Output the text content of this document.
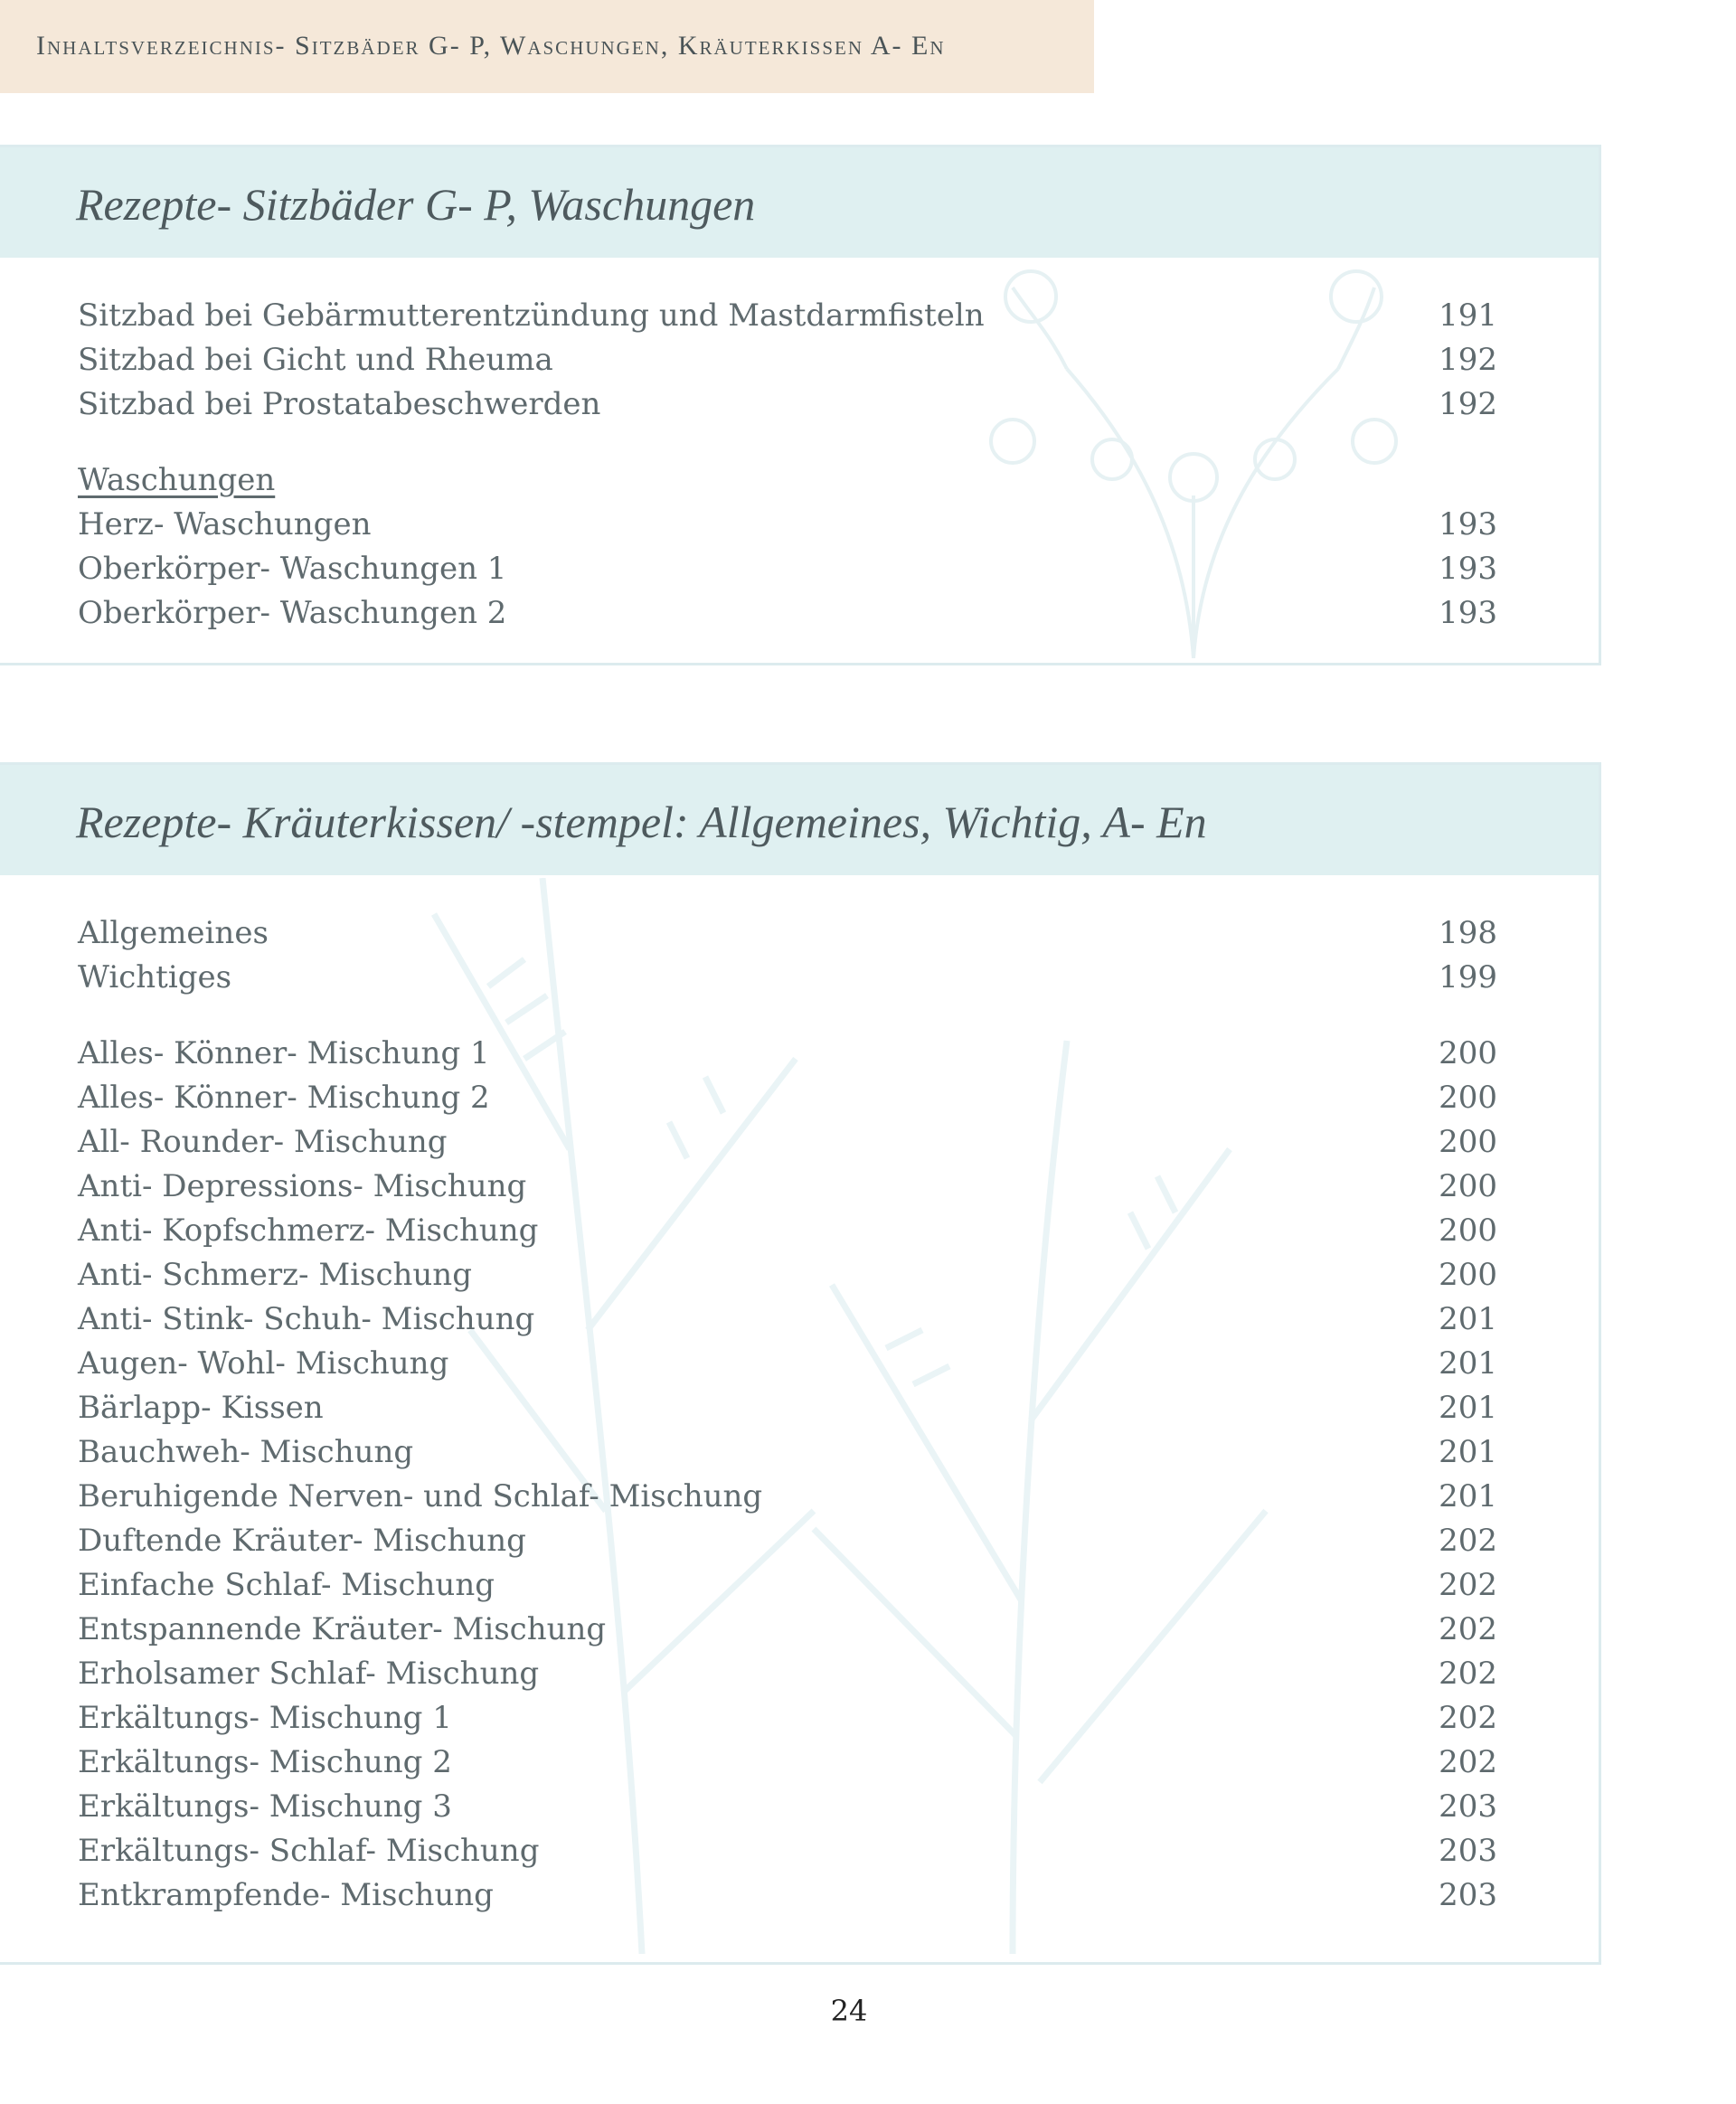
Inhaltsverzeichnis- Sitzbäder G- P, Waschungen, Kräuterkissen A- En
Rezepte- Sitzbäder G- P, Waschungen
Sitzbad bei Gebärmutterentzündung und Mastdarmfisteln	191
Sitzbad bei Gicht und Rheuma	192
Sitzbad bei Prostatabeschwerden	192
Waschungen
Herz- Waschungen	193
Oberkörper- Waschungen 1	193
Oberkörper- Waschungen 2	193
Rezepte- Kräuterkissen/ -stempel: Allgemeines, Wichtig, A- En
Allgemeines	198
Wichtiges	199
Alles- Könner- Mischung 1	200
Alles- Könner- Mischung 2	200
All- Rounder- Mischung	200
Anti- Depressions- Mischung	200
Anti- Kopfschmerz- Mischung	200
Anti- Schmerz- Mischung	200
Anti- Stink- Schuh- Mischung	201
Augen- Wohl- Mischung	201
Bärlapp- Kissen	201
Bauchweh- Mischung	201
Beruhigende Nerven- und Schlaf- Mischung	201
Duftende Kräuter- Mischung	202
Einfache Schlaf- Mischung	202
Entspannende Kräuter- Mischung	202
Erholsamer Schlaf- Mischung	202
Erkältungs- Mischung 1	202
Erkältungs- Mischung 2	202
Erkältungs- Mischung 3	203
Erkältungs- Schlaf- Mischung	203
Entkrampfende- Mischung	203
24
